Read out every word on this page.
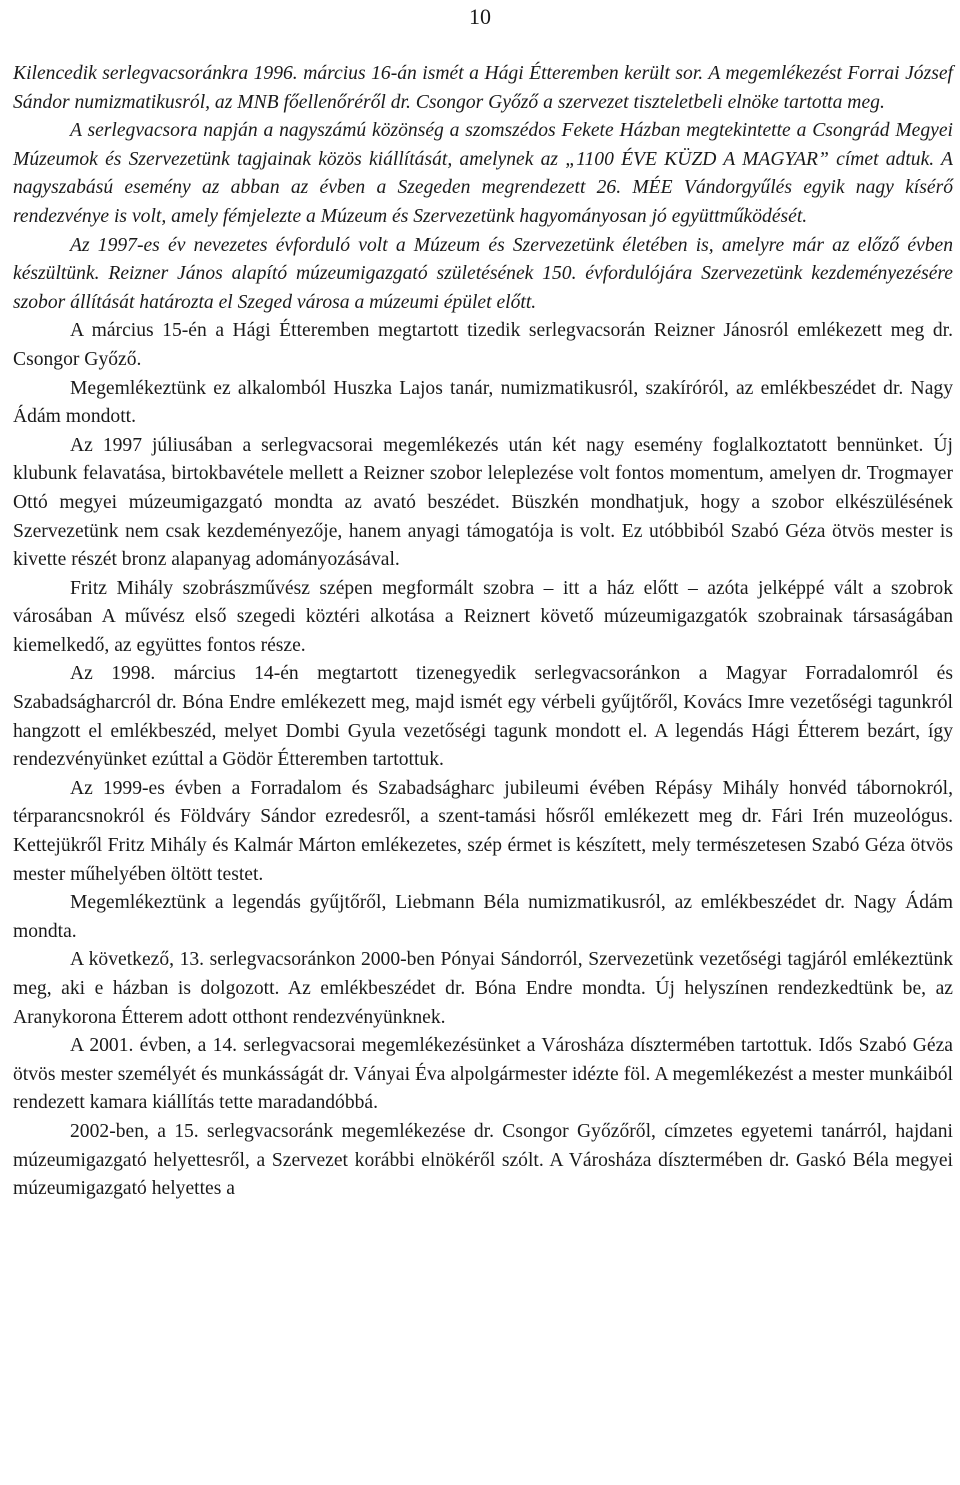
10

Kilencedik serlegvacsoránkra 1996. március 16-án ismét a Hági Étteremben került sor. A megemlékezést Forrai József Sándor numizmatikusról, az MNB főellenőréről dr. Csongor Győző a szervezet tiszteletbeli elnöke tartotta meg.

A serlegvacsora napján a nagyszámú közönség a szomszédos Fekete Házban megtekintette a Csongrád Megyei Múzeumok és Szervezetünk tagjainak közös kiállítását, amelynek az „1100 ÉVE KÜZD A MAGYAR” címet adtuk. A nagyszabású esemény az abban az évben a Szegeden megrendezett 26. MÉE Vándorgyűlés egyik nagy kísérő rendezvénye is volt, amely fémjelezte a Múzeum és Szervezetünk hagyományosan jó együttműködését.

Az 1997-es év nevezetes évforduló volt a Múzeum és Szervezetünk életében is, amelyre már az előző évben készültünk. Reizner János alapító múzeumigazgató születésének 150. évfordulójára Szervezetünk kezdeményezésére szobor állítását határozta el Szeged városa a múzeumi épület előtt.

A március 15-én a Hági Étteremben megtartott tizedik serlegvacsorán Reizner Jánosról emlékezett meg dr. Csongor Győző.

Megemlékeztünk ez alkalomból Huszka Lajos tanár, numizmatikusról, szakíróról, az emlékbeszédet dr. Nagy Ádám mondott.

Az 1997 júliusában a serlegvacsorai megemlékezés után két nagy esemény foglalkoztatott bennünket. Új klubunk felavatása, birtokbavétele mellett a Reizner szobor leleplezése volt fontos momentum, amelyen dr. Trogmayer Ottó megyei múzeumigazgató mondta az avató beszédet. Büszkén mondhatjuk, hogy a szobor elkészülésének Szervezetünk nem csak kezdeményezője, hanem anyagi támogatója is volt. Ez utóbbiból Szabó Géza ötvös mester is kivette részét bronz alapanyag adományozásával.

Fritz Mihály szobrászművész szépen megformált szobra – itt a ház előtt – azóta jelképpé vált a szobrok városában A művész első szegedi köztéri alkotása a Reiznert követő múzeumigazgatók szobrainak társaságában kiemelkedő, az együttes fontos része.

Az 1998. március 14-én megtartott tizenegyedik serlegvacsoránkon a Magyar Forradalomról és Szabadságharcról dr. Bóna Endre emlékezett meg, majd ismét egy vérbeli gyűjtőről, Kovács Imre vezetőségi tagunkról hangzott el emlékbeszéd, melyet Dombi Gyula vezetőségi tagunk mondott el. A legendás Hági Étterem bezárt, így rendezvényünket ezúttal a Gödör Étteremben tartottuk.

Az 1999-es évben a Forradalom és Szabadságharc jubileumi évében Répásy Mihály honvéd tábornokról, térparancsnokról és Földváry Sándor ezredesről, a szent-tamási hősről emlékezett meg dr. Fári Irén muzeológus. Kettejükről Fritz Mihály és Kalmár Márton emlékezetes, szép érmet is készített, mely természetesen Szabó Géza ötvös mester műhelyében öltött testet.

Megemlékeztünk a legendás gyűjtőről, Liebmann Béla numizmatikusról, az emlékbeszédet dr. Nagy Ádám mondta.

A következő, 13. serlegvacsoránkon 2000-ben Pónyai Sándorról, Szervezetünk vezetőségi tagjáról emlékeztünk meg, aki e házban is dolgozott. Az emlékbeszédet dr. Bóna Endre mondta. Új helyszínen rendezkedtünk be, az Aranykorona Étterem adott otthont rendezvényünknek.

A 2001. évben, a 14. serlegvacsorai megemlékezésünket a Városháza dísztermében tartottuk. Idős Szabó Géza ötvös mester személyét és munkásságát dr. Ványai Éva alpolgármester idézte föl. A megemlékezést a mester munkáiból rendezett kamara kiállítás tette maradandóbbá.

2002-ben, a 15. serlegvacsoránk megemlékezése dr. Csongor Győzőről, címzetes egyetemi tanárról, hajdani múzeumigazgató helyettesről, a Szervezet korábbi elnökéről szólt. A Városháza dísztermében dr. Gaskó Béla megyei múzeumigazgató helyettes a
